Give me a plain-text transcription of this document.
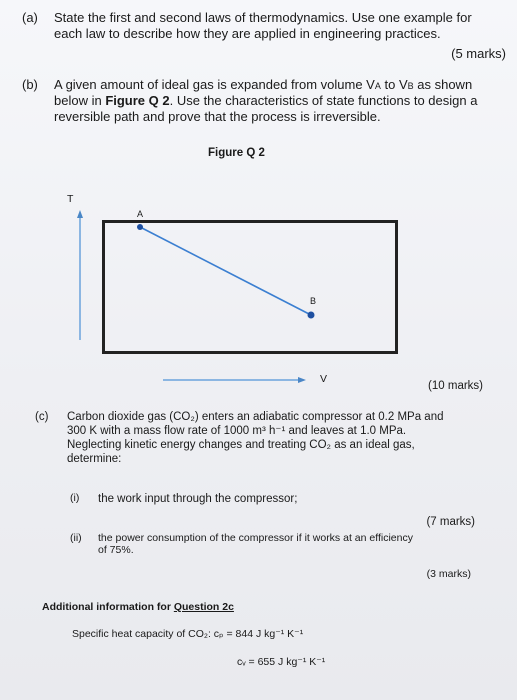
(a) State the first and second laws of thermodynamics. Use one example for
each law to describe how they are applied in engineering practices.
(5 marks)
(b) A given amount of ideal gas is expanded from volume VA to VB as shown
below in Figure Q 2. Use the characteristics of state functions to design a
reversible path and prove that the process is irreversible.
Figure Q 2
T
A
B
V
(10 marks)
(c) Carbon dioxide gas (CO₂) enters an adiabatic compressor at 0.2 MPa and
300 K with a mass flow rate of 1000 m³ h⁻¹ and leaves at 1.0 MPa.
Neglecting kinetic energy changes and treating CO₂ as an ideal gas,
determine:
(i) the work input through the compressor;
(7 marks)
(ii) the power consumption of the compressor if it works at an efficiency
of 75%.
(3 marks)
Additional information for Question 2c
Specific heat capacity of CO₂: cₚ = 844 J kg⁻¹ K⁻¹
cᵥ = 655 J kg⁻¹ K⁻¹
